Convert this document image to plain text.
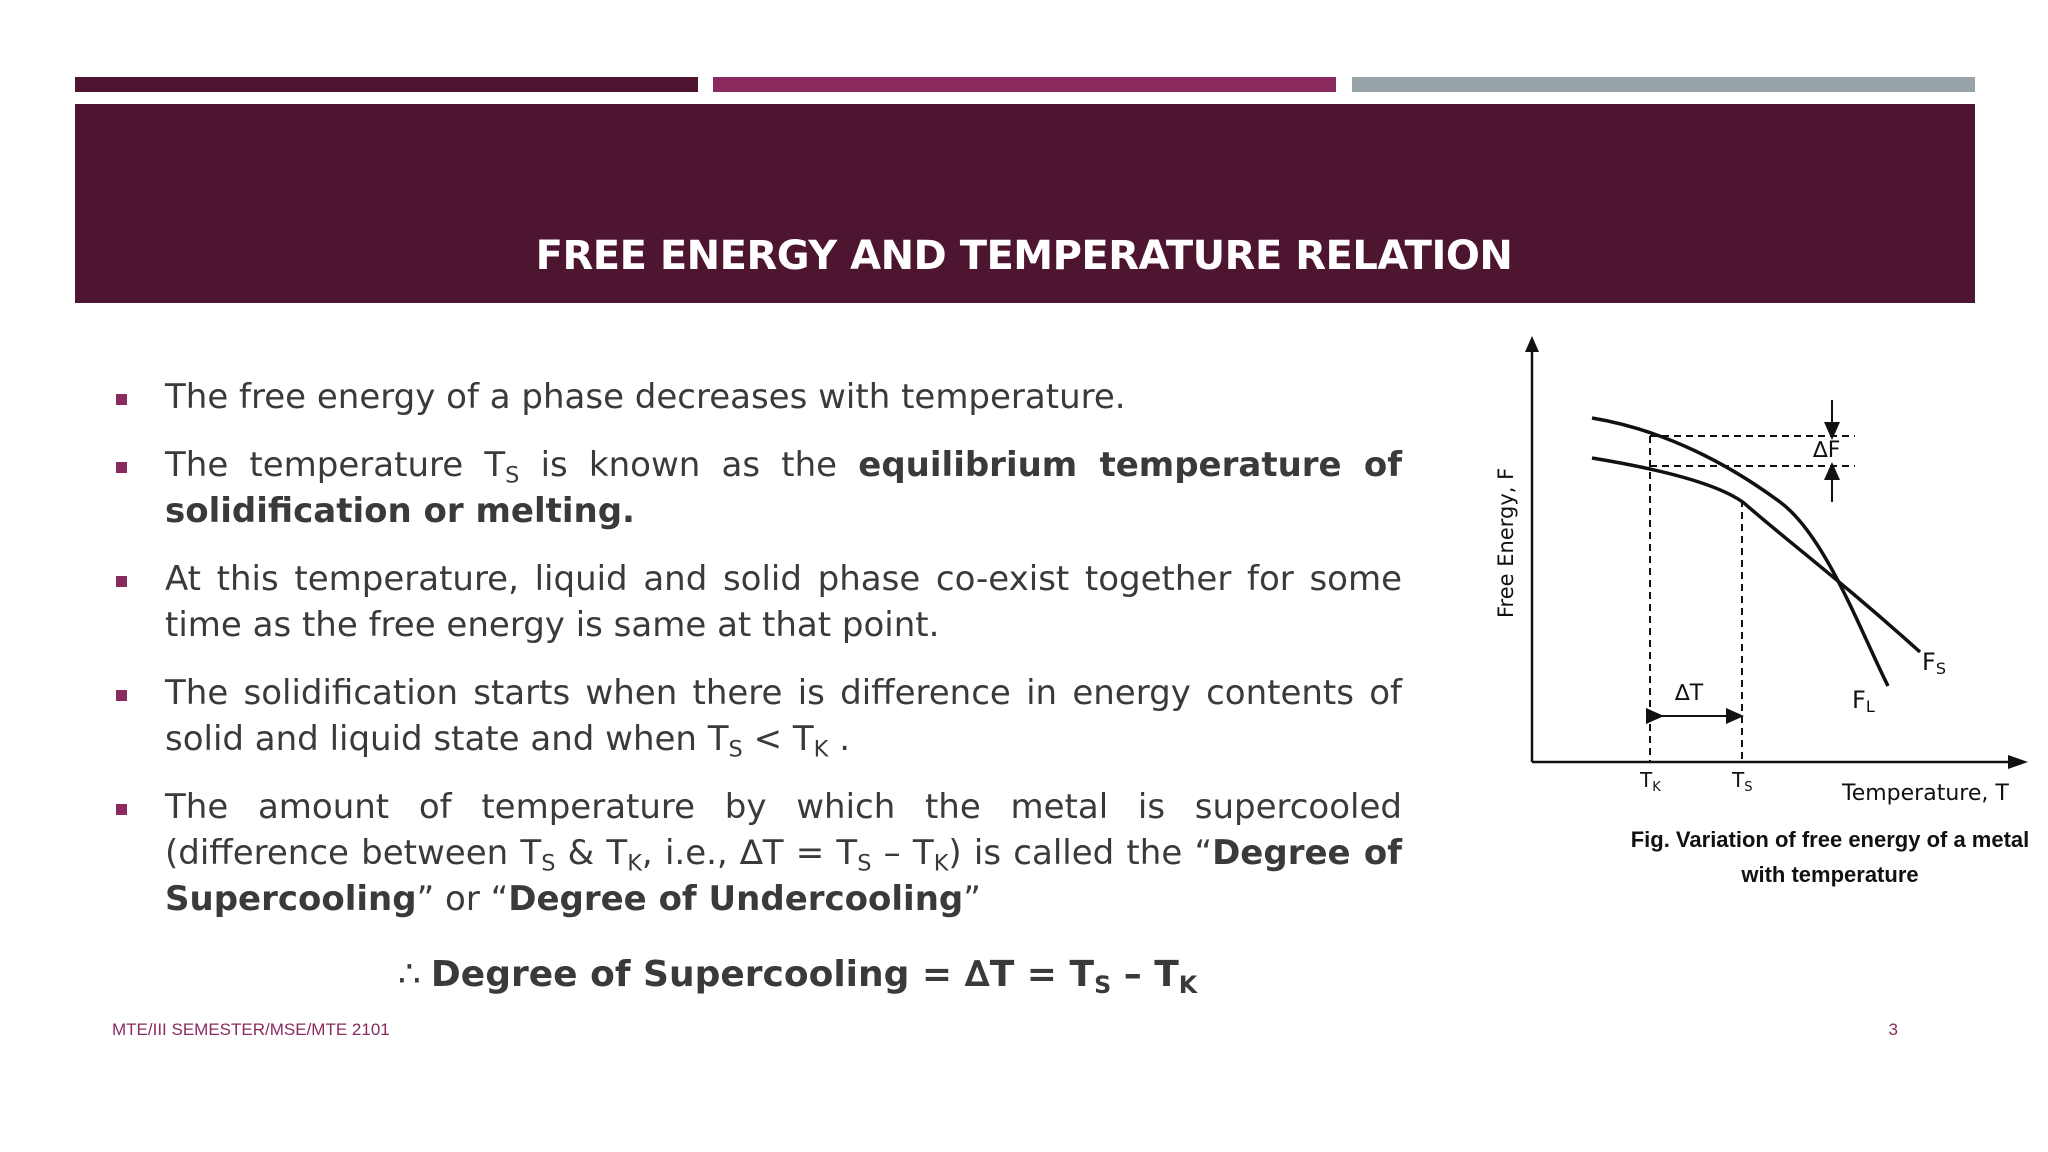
FREE ENERGY AND TEMPERATURE RELATION
The free energy of a phase decreases with temperature.
The temperature $T_S$ is known as the equilibrium temperature of solidification or melting.
At this temperature, liquid and solid phase co-exist together for some time as the free energy is same at that point.
The solidification starts when there is difference in energy contents of solid and liquid state and when $T_S < T_K$ .
The amount of temperature by which the metal is supercooled (difference between $T_S$ & $T_K$, i.e., $\Delta T = T_S - T_K$) is called the “Degree of Supercooling” or “Degree of Undercooling”
∴ Degree of Supercooling = $\Delta T = T_S - T_K$
MTE/III SEMESTER/MSE/MTE 2101	3
∆F
∆T
FS
FL
$T_K$	$T_S$	Temperature, T
Free Energy, F
Fig. Variation of free energy of a metal
with temperature
